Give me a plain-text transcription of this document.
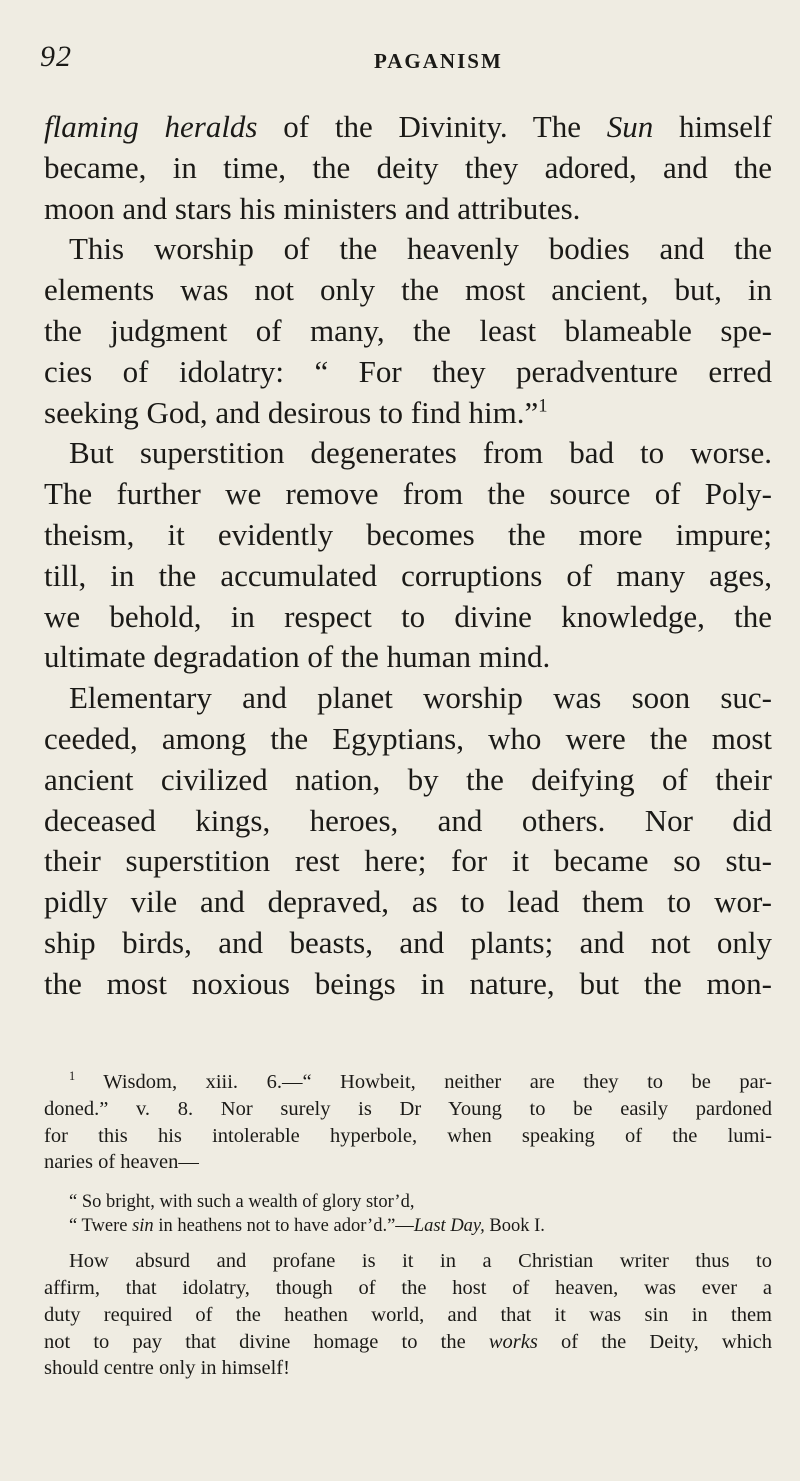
92	PAGANISM
flaming heralds of the Divinity. The Sun himself
became, in time, the deity they adored, and the
moon and stars his ministers and attributes.
This worship of the heavenly bodies and the
elements was not only the most ancient, but, in
the judgment of many, the least blameable spe-
cies of idolatry: “ For they peradventure erred
seeking God, and desirous to find him.”$^1$
But superstition degenerates from bad to worse.
The further we remove from the source of Poly-
theism, it evidently becomes the more impure;
till, in the accumulated corruptions of many ages,
we behold, in respect to divine knowledge, the
ultimate degradation of the human mind.
Elementary and planet worship was soon suc-
ceeded, among the Egyptians, who were the most
ancient civilized nation, by the deifying of their
deceased kings, heroes, and others. Nor did
their superstition rest here; for it became so stu-
pidly vile and depraved, as to lead them to wor-
ship birds, and beasts, and plants; and not only
the most noxious beings in nature, but the mon-
$^1$ Wisdom, xiii. 6.—“ Howbeit, neither are they to be par-
doned.” v. 8. Nor surely is Dr Young to be easily pardoned
for this his intolerable hyperbole, when speaking of the lumi-
naries of heaven—
“ So bright, with such a wealth of glory stor’d,
“ Twere sin in heathens not to have ador’d.”—Last Day, Book I.
How absurd and profane is it in a Christian writer thus to
affirm, that idolatry, though of the host of heaven, was ever a
duty required of the heathen world, and that it was sin in them
not to pay that divine homage to the works of the Deity, which
should centre only in himself!
